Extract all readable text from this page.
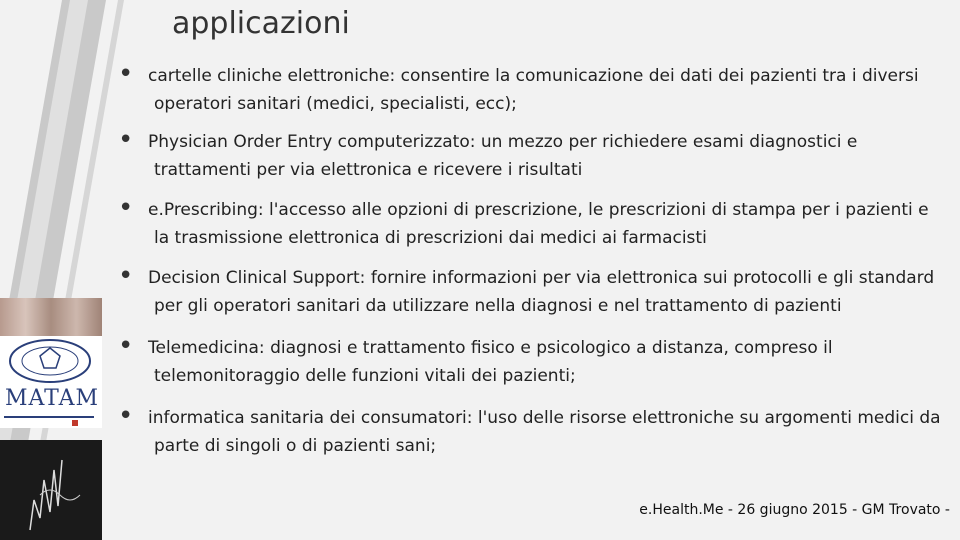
applicazioni
• cartelle cliniche elettroniche: consentire la comunicazione dei dati dei pazienti tra i diversi operatori sanitari (medici, specialisti, ecc);
• Physician Order Entry computerizzato: un mezzo per richiedere esami diagnostici e trattamenti per via elettronica e ricevere i risultati
• e.Prescribing: l'accesso alle opzioni di prescrizione, le prescrizioni di stampa per i pazienti e la trasmissione elettronica di prescrizioni dai medici ai farmacisti
• Decision Clinical Support: fornire informazioni per via elettronica sui protocolli e gli standard per gli operatori sanitari da utilizzare nella diagnosi e nel trattamento di pazienti
• Telemedicina: diagnosi e trattamento fisico e psicologico a distanza, compreso il telemonitoraggio delle funzioni vitali dei pazienti;
• informatica sanitaria dei consumatori: l'uso delle risorse elettroniche su argomenti medici da parte di singoli o di pazienti sani;
MATAM
e.Health.Me - 26 giugno 2015 - GM Trovato -
